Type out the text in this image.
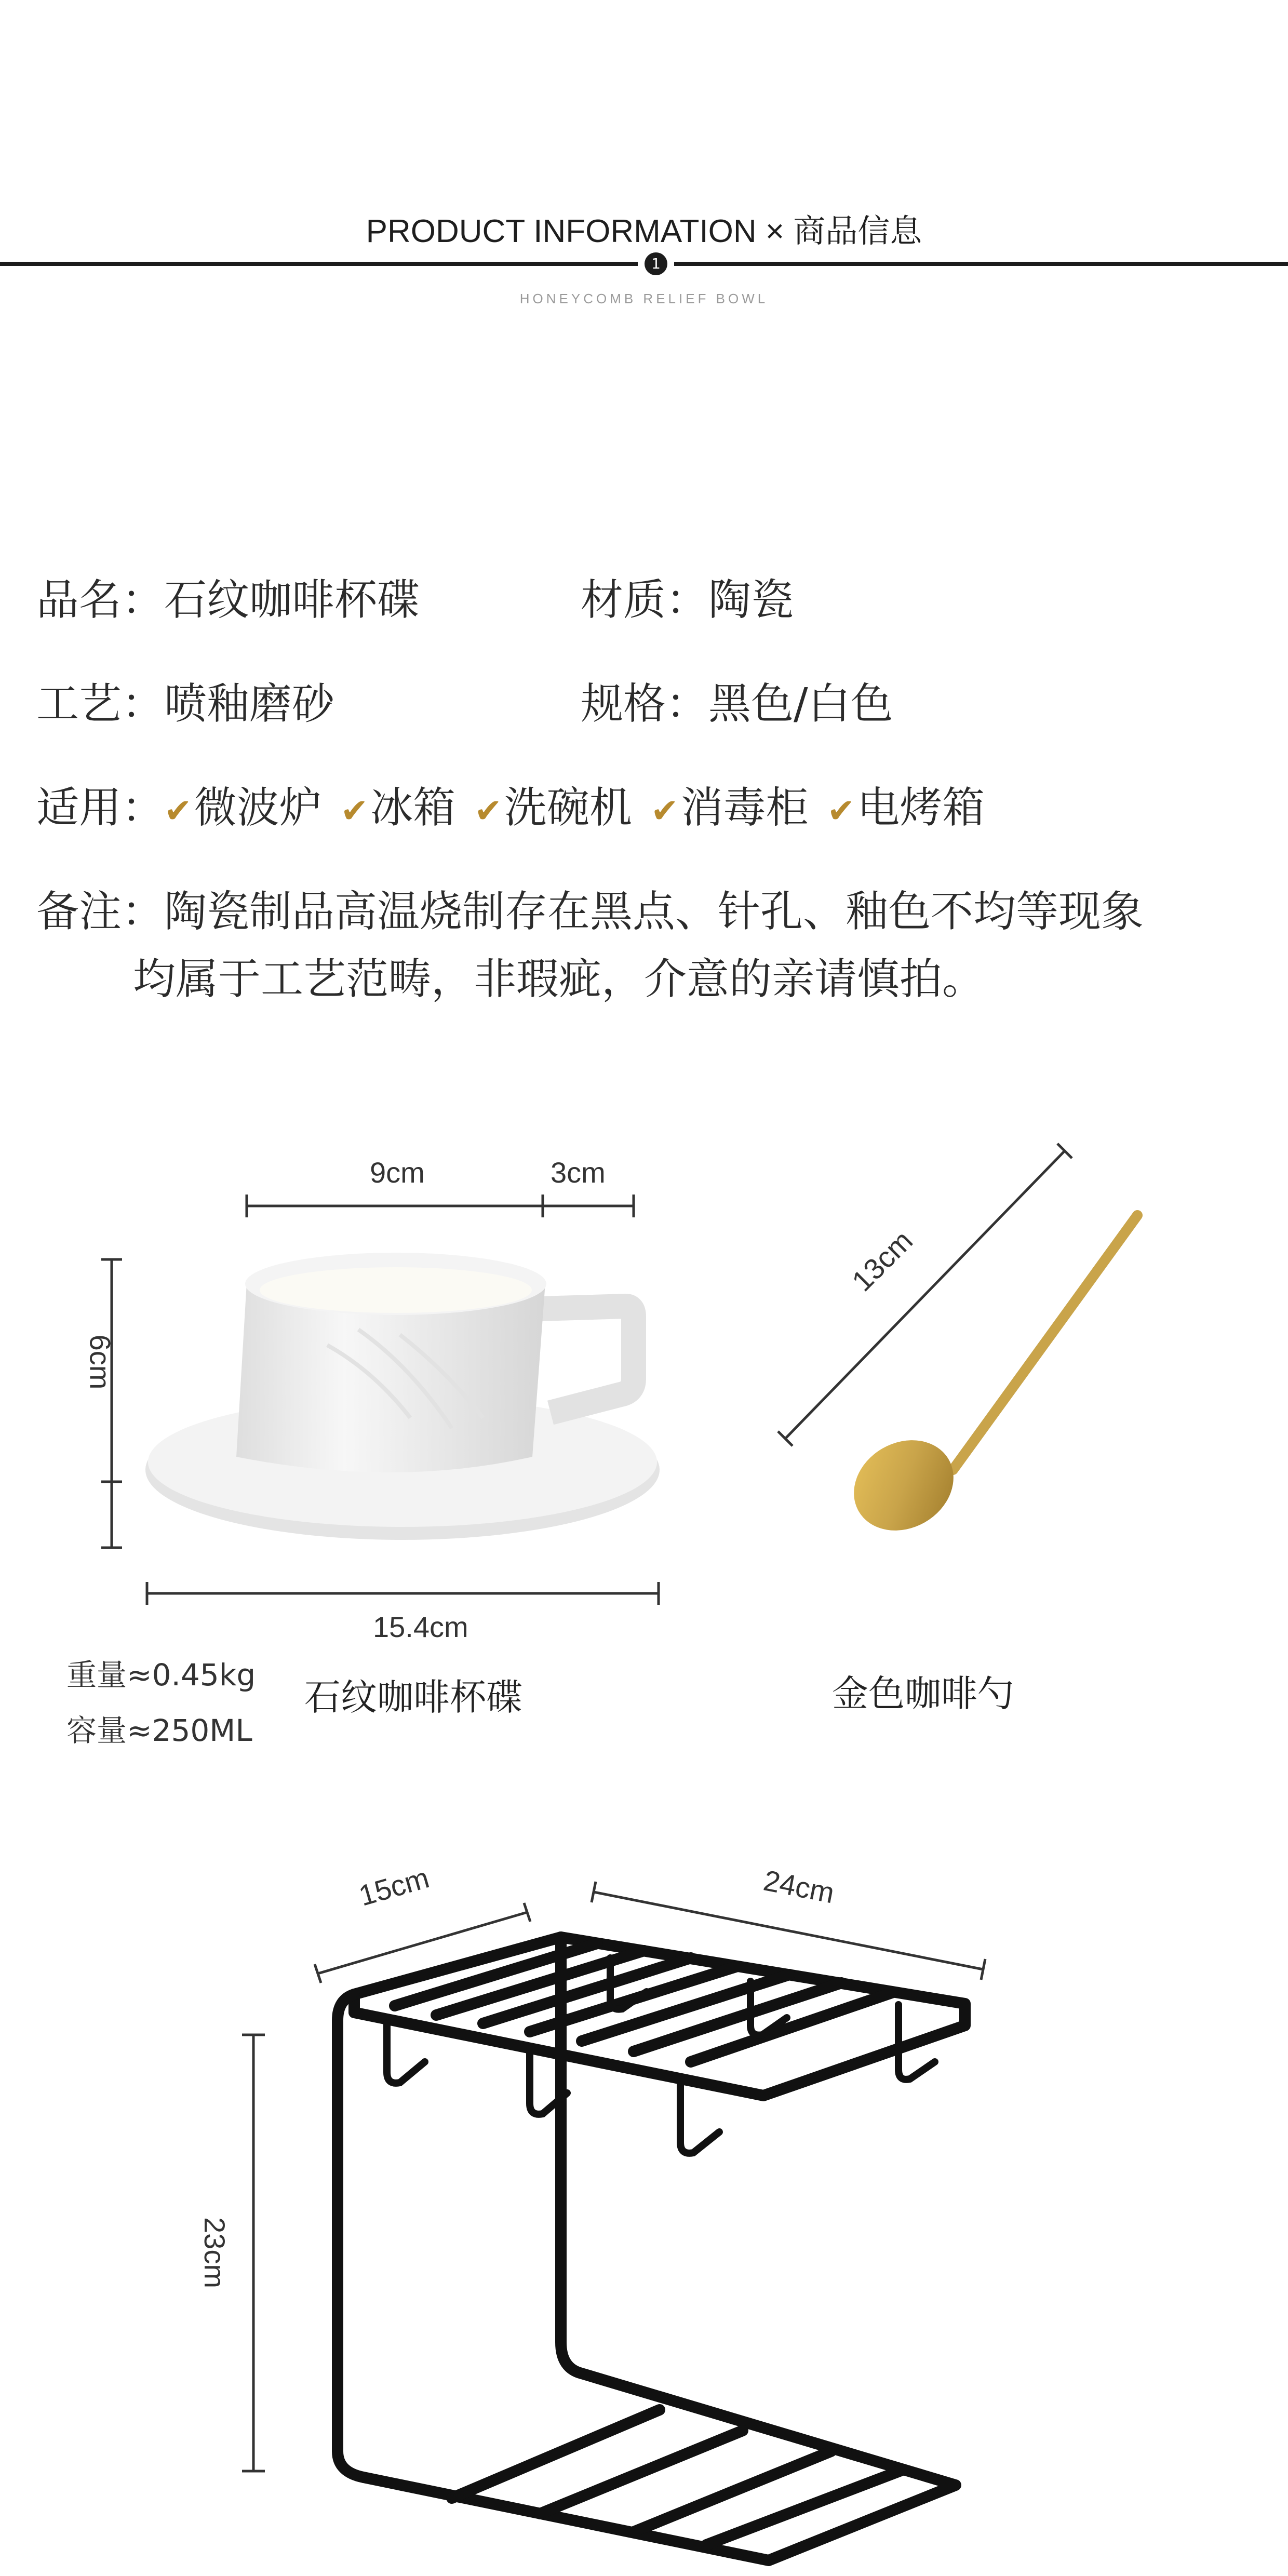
PRODUCT INFORMATION × 商品信息
1
HONEYCOMB RELIEF BOWL
品名：石纹咖啡杯碟	材质：陶瓷
工艺：喷釉磨砂	规格：黑色/白色
适用：✔微波炉 ✔冰箱 ✔洗碗机 ✔消毒柜 ✔电烤箱
备注：陶瓷制品高温烧制存在黑点、针孔、釉色不均等现象
均属于工艺范畴，非瑕疵，介意的亲请慎拍。
9cm	3cm
6cm
15.4cm
重量≈0.45kg
容量≈250ML
石纹咖啡杯碟
13cm
金色咖啡勺
15cm	24cm
23cm
